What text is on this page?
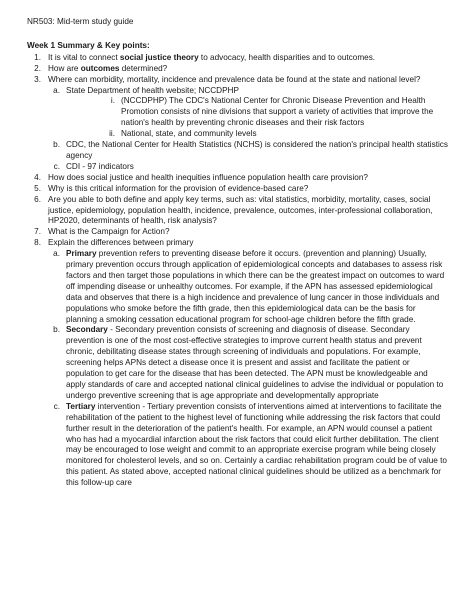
NR503: Mid-term study guide
Week 1 Summary & Key points:
1. It is vital to connect social justice theory to advocacy, health disparities and to outcomes.
2. How are outcomes determined?
3. Where can morbidity, mortality, incidence and prevalence data be found at the state and national level?
a. State Department of health website; NCCDPHP
i. (NCCDPHP) The CDC's National Center for Chronic Disease Prevention and Health Promotion consists of nine divisions that support a variety of activities that improve the nation's health by preventing chronic diseases and their risk factors
ii. National, state, and community levels
b. CDC, the National Center for Health Statistics (NCHS) is considered the nation's principal health statistics agency
c. CDI - 97 indicators
4. How does social justice and health inequities influence population health care provision?
5. Why is this critical information for the provision of evidence-based care?
6. Are you able to both define and apply key terms, such as: vital statistics, morbidity, mortality, cases, social justice, epidemiology, population health, incidence, prevalence, outcomes, inter-professional collaboration, HP2020, determinants of health, risk analysis?
7. What is the Campaign for Action?
8. Explain the differences between primary
a. Primary prevention refers to preventing disease before it occurs. (prevention and planning) Usually, primary prevention occurs through application of epidemiological concepts and databases to assess risk factors and then target those populations in which there can be the greatest impact on outcomes to ward off impending disease or unhealthy outcomes. For example, if the APN has assessed epidemiological data and observes that there is a high incidence and prevalence of lung cancer in those individuals and populations who smoke before the fifth grade, then this epidemiological data can be the basis for planning a smoking cessation educational program for school-age children before the fifth grade.
b. Secondary - Secondary prevention consists of screening and diagnosis of disease. Secondary prevention is one of the most cost-effective strategies to improve current health status and prevent chronic, debilitating disease states through screening of individuals and populations. For example, screening helps APNs detect a disease once it is present and assist and facilitate the patient or population to get care for the disease that has been detected. The APN must be knowledgeable and apply standards of care and accepted national clinical guidelines to advise the individual or population to undergo preventive screening that is age appropriate and developmentally appropriate
c. Tertiary intervention - Tertiary prevention consists of interventions aimed at interventions to facilitate the rehabilitation of the patient to the highest level of functioning while addressing the risk factors that could further result in the deterioration of the patient's health. For example, an APN would counsel a patient who has had a myocardial infarction about the risk factors that could elicit further debilitation. The client may be encouraged to lose weight and commit to an appropriate exercise program while being closely monitored for cholesterol levels, and so on. Certainly a cardiac rehabilitation program could be of value to this patient. As stated above, accepted national clinical guidelines should be utilized as a benchmark for this follow-up care
